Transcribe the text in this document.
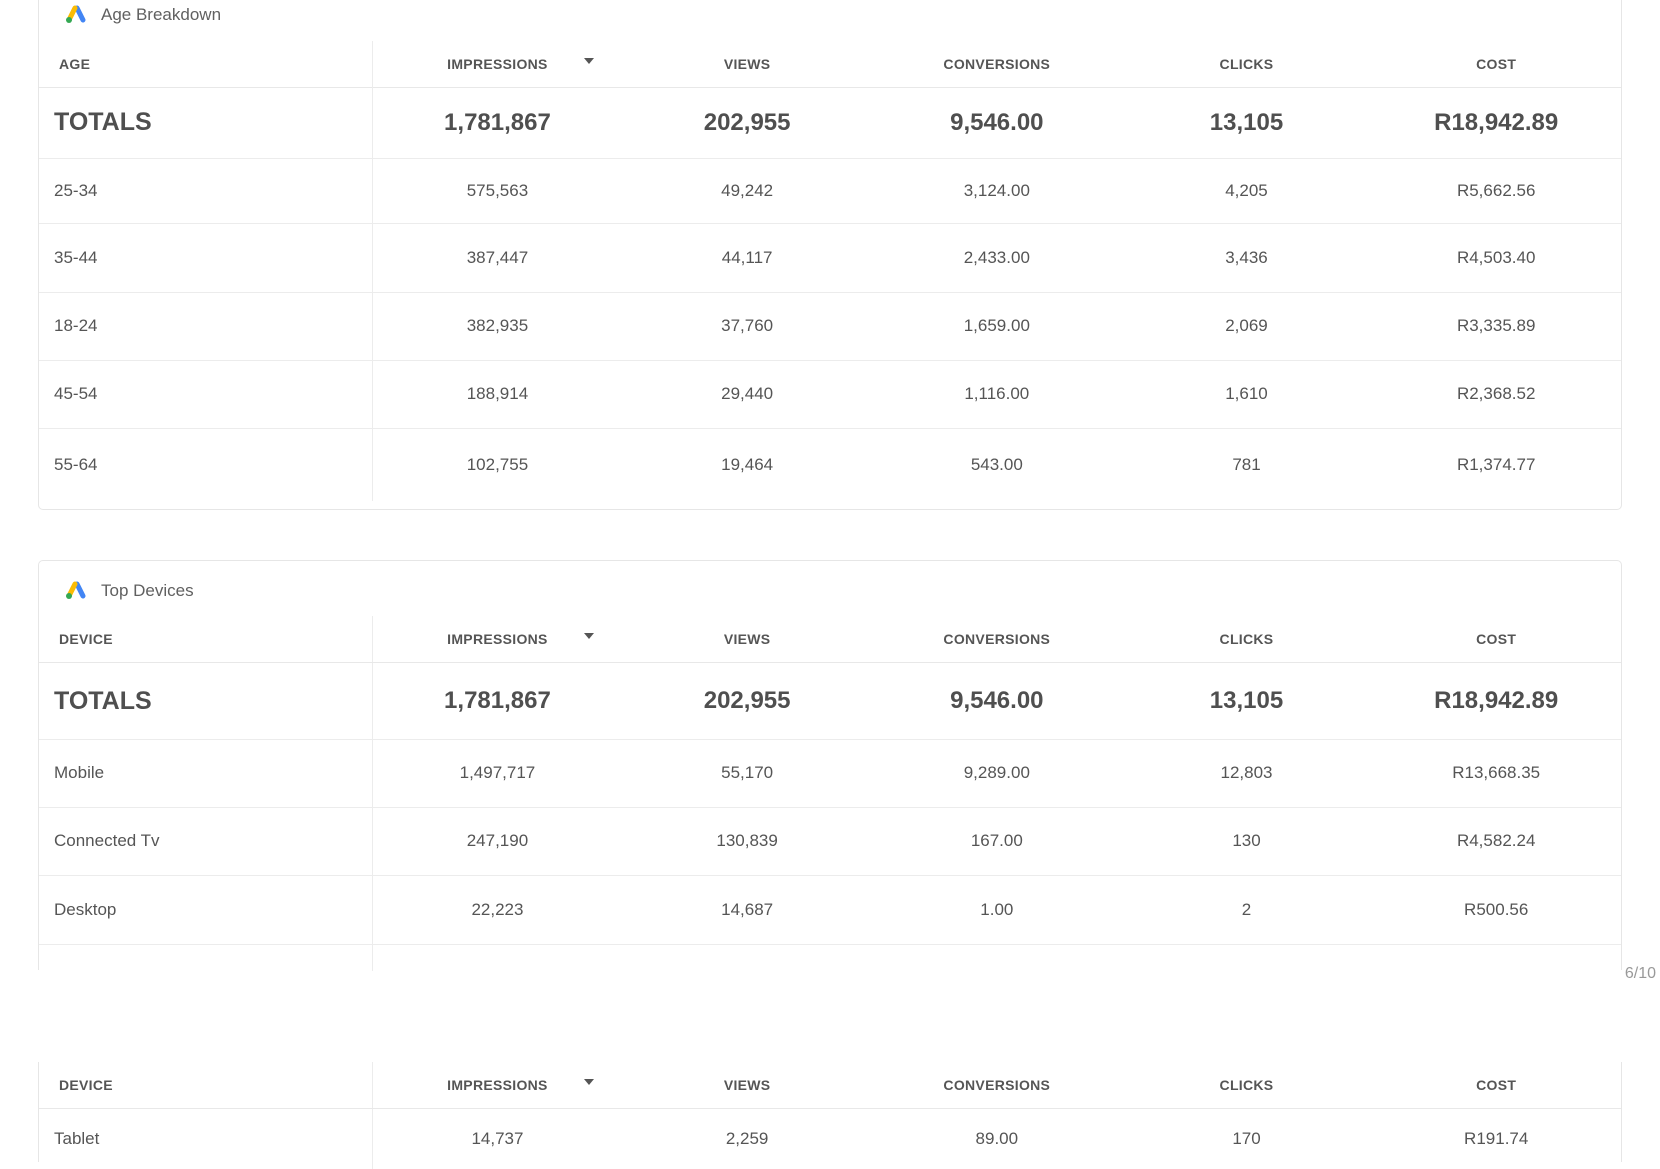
Age Breakdown
AGE	IMPRESSIONS	VIEWS	CONVERSIONS	CLICKS	COST
TOTALS	1,781,867	202,955	9,546.00	13,105	R18,942.89
25-34	575,563	49,242	3,124.00	4,205	R5,662.56
35-44	387,447	44,117	2,433.00	3,436	R4,503.40
18-24	382,935	37,760	1,659.00	2,069	R3,335.89
45-54	188,914	29,440	1,116.00	1,610	R2,368.52
55-64	102,755	19,464	543.00	781	R1,374.77
Top Devices
DEVICE	IMPRESSIONS	VIEWS	CONVERSIONS	CLICKS	COST
TOTALS	1,781,867	202,955	9,546.00	13,105	R18,942.89
Mobile	1,497,717	55,170	9,289.00	12,803	R13,668.35
Connected Tv	247,190	130,839	167.00	130	R4,582.24
Desktop	22,223	14,687	1.00	2	R500.56
6/10
DEVICE	IMPRESSIONS	VIEWS	CONVERSIONS	CLICKS	COST
Tablet	14,737	2,259	89.00	170	R191.74
